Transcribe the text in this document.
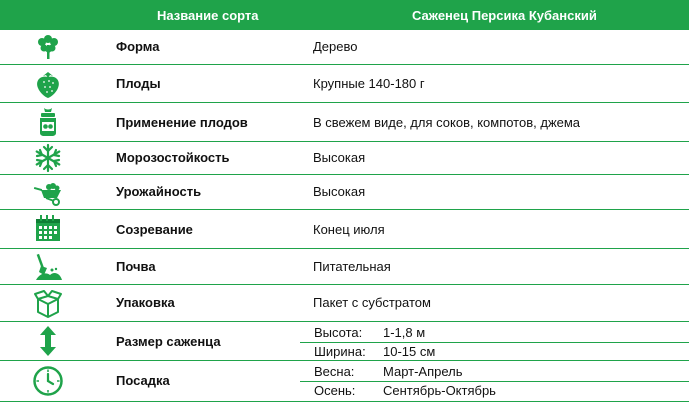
Название сорта	Саженец Персика Кубанский
Форма	Дерево
Плоды	Крупные 140-180 г
Применение плодов	В свежем виде, для соков, компотов, джема
Морозостойкость	Высокая
Урожайность	Высокая
Созревание	Конец июля
Почва	Питательная
Упаковка	Пакет с субстратом
Размер саженца
Высота: 1-1,8 м
Ширина: 10-15 см
Посадка
Весна: Март-Апрель
Осень: Сентябрь-Октябрь
